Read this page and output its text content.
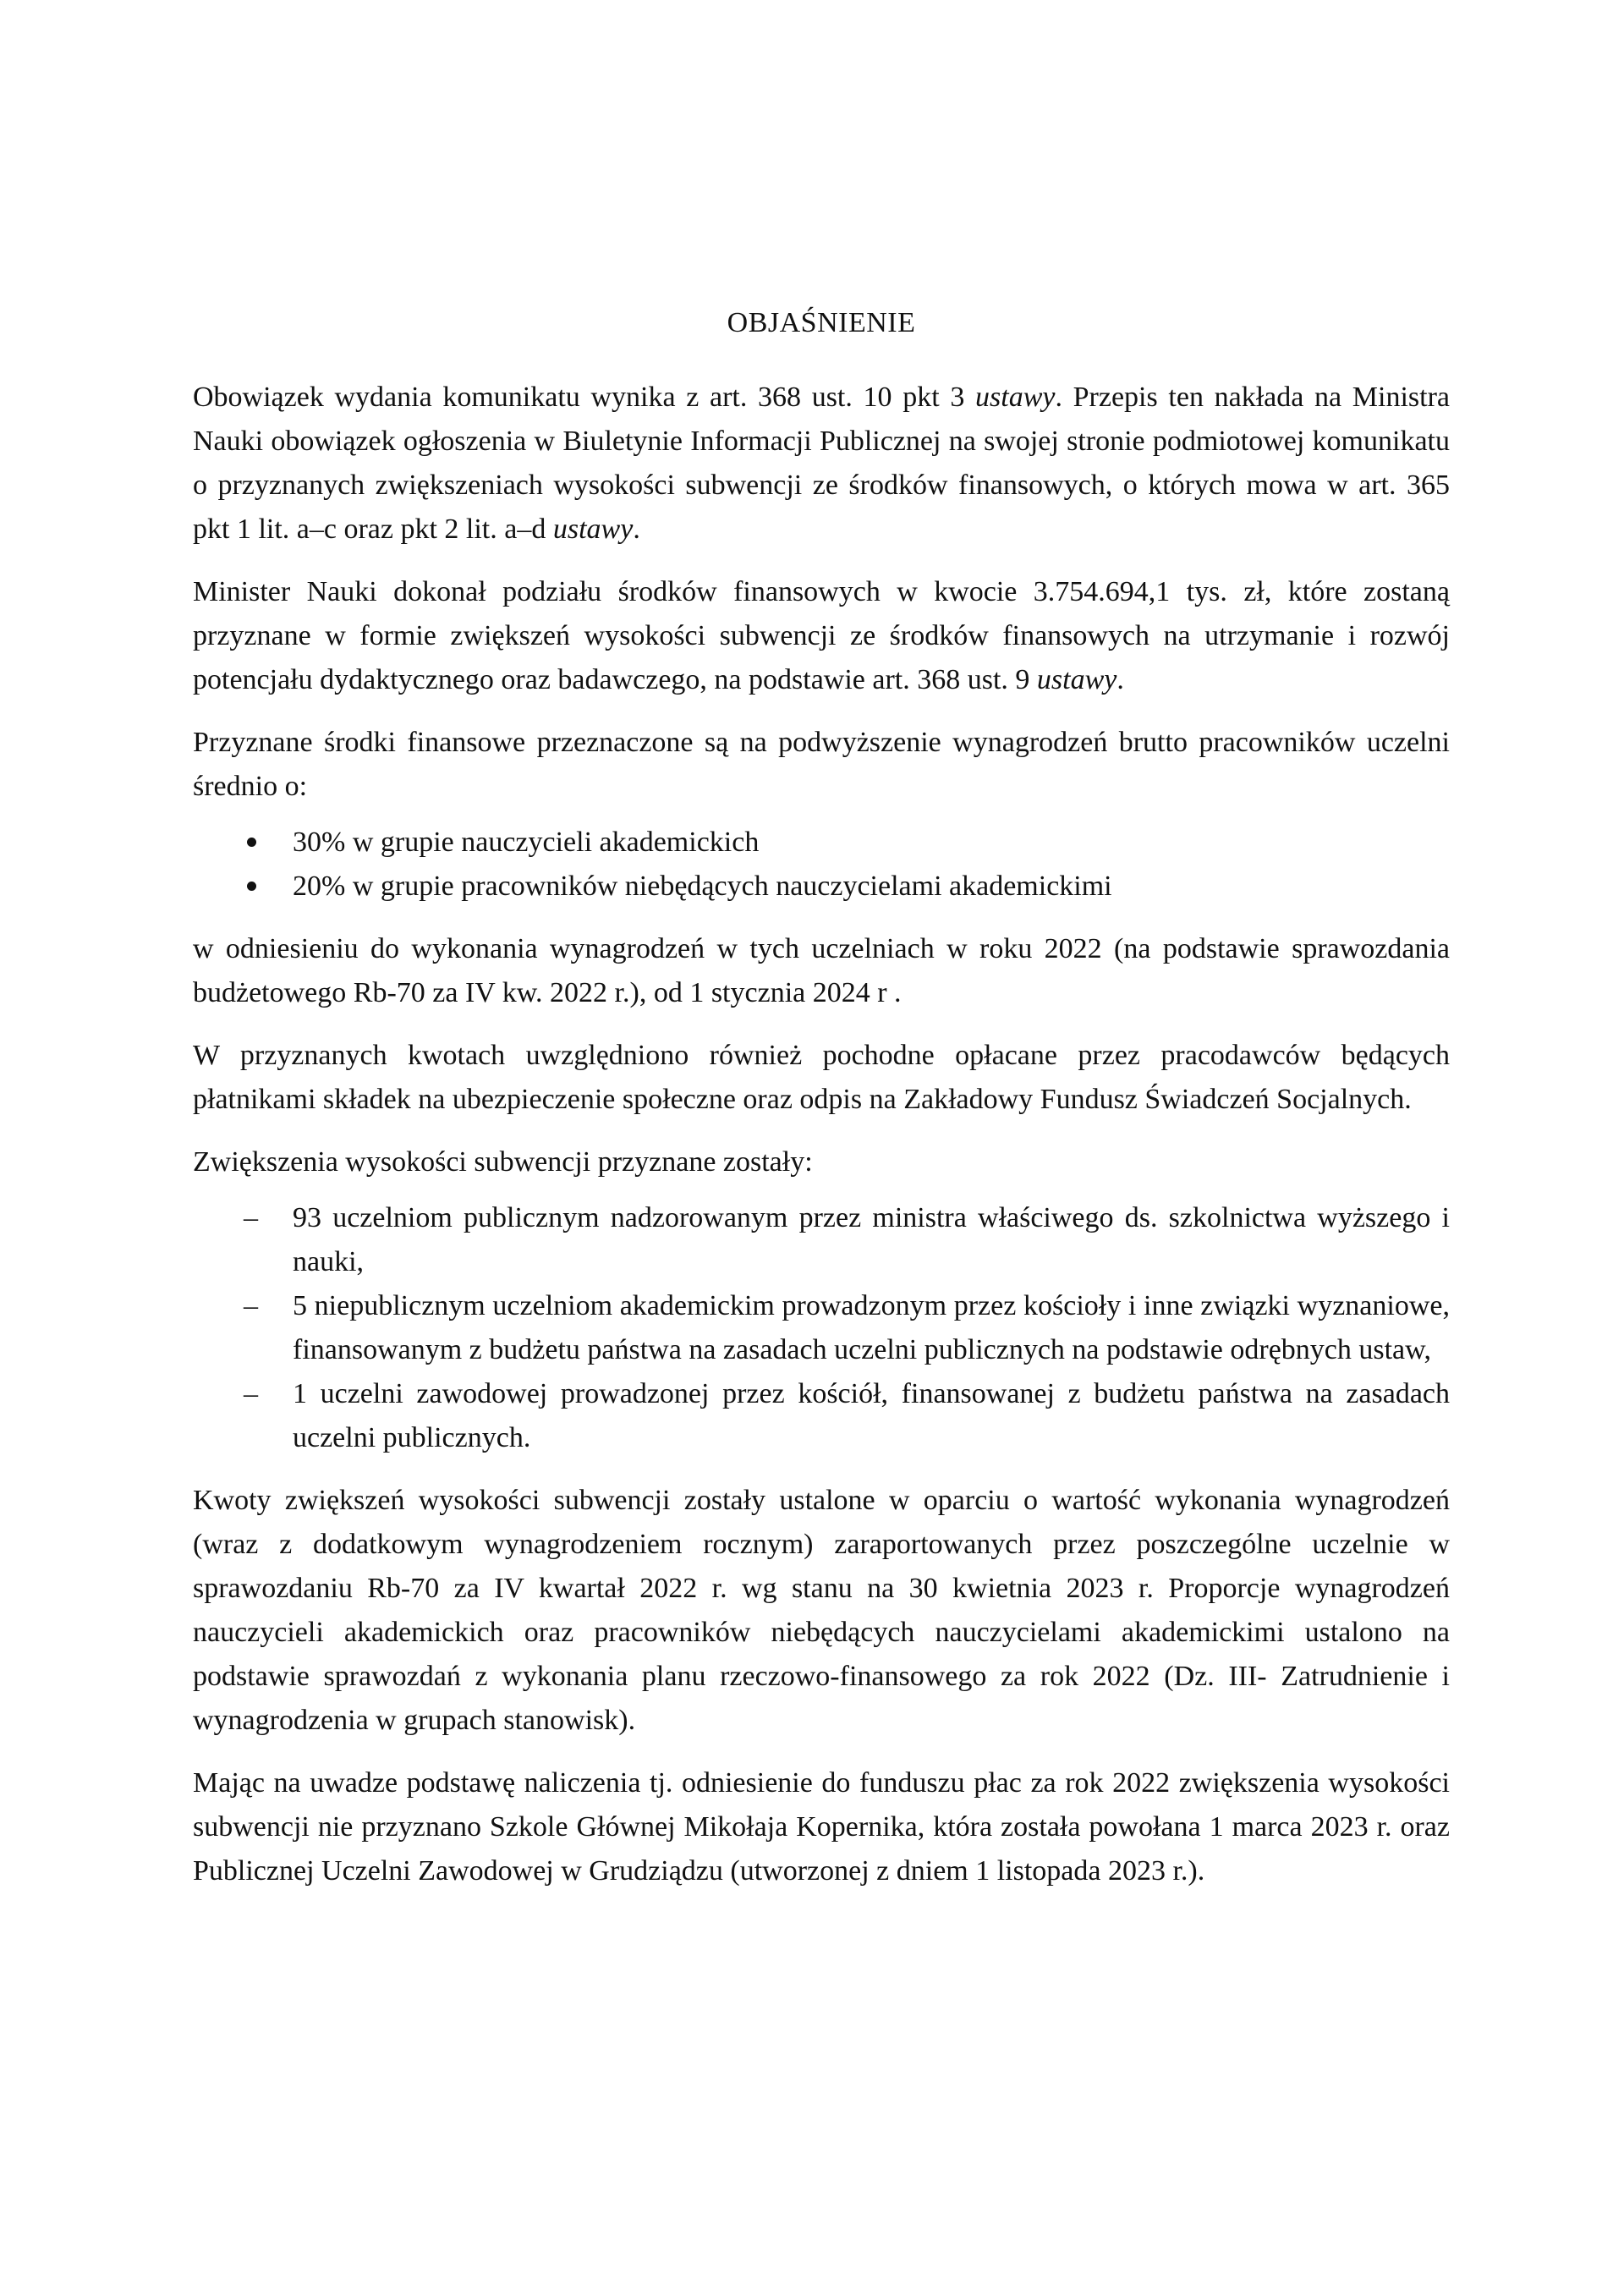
OBJAŚNIENIE

Obowiązek wydania komunikatu wynika z art. 368 ust. 10 pkt 3 ustawy. Przepis ten nakłada na Ministra Nauki obowiązek ogłoszenia w Biuletynie Informacji Publicznej na swojej stronie podmiotowej komunikatu o przyznanych zwiększeniach wysokości subwencji ze środków finansowych, o których mowa w art. 365 pkt 1 lit. a–c oraz pkt 2 lit. a–d ustawy.

Minister Nauki dokonał podziału środków finansowych w kwocie 3.754.694,1 tys. zł, które zostaną przyznane w formie zwiększeń wysokości subwencji ze środków finansowych na utrzymanie i rozwój potencjału dydaktycznego oraz badawczego, na podstawie art. 368 ust. 9 ustawy.

Przyznane środki finansowe przeznaczone są na podwyższenie wynagrodzeń brutto pracowników uczelni średnio o:

30% w grupie nauczycieli akademickich
20% w grupie pracowników niebędących nauczycielami akademickimi

w odniesieniu do wykonania wynagrodzeń w tych uczelniach w roku 2022 (na podstawie sprawozdania budżetowego Rb-70 za IV kw. 2022 r.), od 1 stycznia 2024 r .

W przyznanych kwotach uwzględniono również pochodne opłacane przez pracodawców będących płatnikami składek na ubezpieczenie społeczne oraz odpis na Zakładowy Fundusz Świadczeń Socjalnych.

Zwiększenia wysokości subwencji przyznane zostały:

– 93 uczelniom publicznym nadzorowanym przez ministra właściwego ds. szkolnictwa wyższego i nauki,
– 5 niepublicznym uczelniom akademickim prowadzonym przez kościoły i inne związki wyznaniowe, finansowanym z budżetu państwa na zasadach uczelni publicznych na podstawie odrębnych ustaw,
– 1 uczelni zawodowej prowadzonej przez kościół, finansowanej z budżetu państwa na zasadach uczelni publicznych.

Kwoty zwiększeń wysokości subwencji zostały ustalone w oparciu o wartość wykonania wynagrodzeń (wraz z dodatkowym wynagrodzeniem rocznym) zaraportowanych przez poszczególne uczelnie w sprawozdaniu Rb-70 za IV kwartał 2022 r. wg stanu na 30 kwietnia 2023 r. Proporcje wynagrodzeń nauczycieli akademickich oraz pracowników niebędących nauczycielami akademickimi ustalono na podstawie sprawozdań z wykonania planu rzeczowo-finansowego za rok 2022 (Dz. III- Zatrudnienie i wynagrodzenia w grupach stanowisk).

Mając na uwadze podstawę naliczenia tj. odniesienie do funduszu płac za rok 2022 zwiększenia wysokości subwencji nie przyznano Szkole Głównej Mikołaja Kopernika, która została powołana 1 marca 2023 r. oraz Publicznej Uczelni Zawodowej w Grudziądzu (utworzonej z dniem 1 listopada 2023 r.).
